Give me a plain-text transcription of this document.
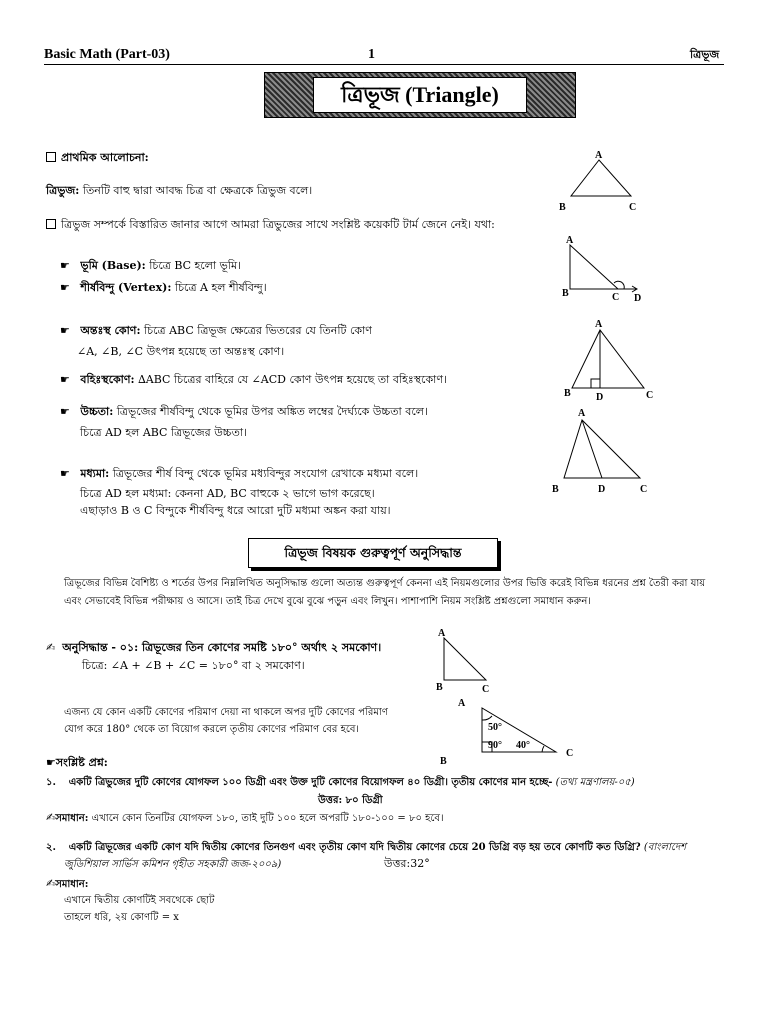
Basic Math (Part-03)	1	ত্রিভূজ
ত্রিভূজ (Triangle)
প্রাথমিক আলোচনা:
ত্রিভুজ: তিনটি বাহু দ্বারা আবদ্ধ চিত্র বা ক্ষেত্রকে ত্রিভুজ বলে।
ত্রিভুজ সম্পর্কে বিস্তারিত জানার আগে আমরা ত্রিভুজের সাথে সংশ্লিষ্ট কয়েকটি টার্ম জেনে নেই। যথা:
☛ ভূমি (Base): চিত্রে BC হলো ভূমি।
☛ শীর্ষবিন্দু (Vertex): চিত্রে A হল শীর্ষবিন্দু।
☛ অন্তঃস্থ কোণ: চিত্রে ABC ত্রিভূজ ক্ষেত্রের ভিতরের যে তিনটি কোণ
∠A, ∠B, ∠C উৎপন্ন হয়েছে তা অন্তঃস্থ কোণ।
☛ বহিঃস্থকোণ: ∆ABC চিত্রের বাহিরে যে ∠ACD কোণ উৎপন্ন হয়েছে তা বহিঃস্থকোণ।
☛ উচ্চতা: ত্রিভূজের শীর্ষবিন্দু থেকে ভূমির উপর অঙ্কিত লম্বের দৈর্ঘ্যকে উচ্চতা বলে।
চিত্রে AD হল ABC ত্রিভূজের উচ্চতা।
☛ মধ্যমা: ত্রিভূজের শীর্ষ বিন্দু থেকে ভূমির মধ্যবিন্দুর সংযোগ রেখাকে মধ্যমা বলে।
চিত্রে AD হল মধ্যমা: কেননা AD, BC বাহুকে ২ ভাগে ভাগ করেছে।
এছাড়াও B ও C বিন্দুকে শীর্ষবিন্দু ধরে আরো দুটি মধ্যমা অঙ্কন করা যায়।
A
B	C
A
B	C D
A
B	D	C
A
B	D	C
ত্রিভূজ বিষয়ক গুরুত্বপূর্ণ অনুসিদ্ধান্ত
ত্রিভূজের বিভিন্ন বৈশিষ্ট্য ও শর্তের উপর নিম্নলিখিত অনুসিদ্ধান্ত গুলো অত্যন্ত গুরুত্বপূর্ণ কেননা এই নিয়মগুলোর উপর ভিত্তি করেই বিভিন্ন ধরনের প্রশ্ন তৈরী করা যায়
এবং সেভাবেই বিভিন্ন পরীক্ষায় ও আসে। তাই চিত্র দেখে বুঝে বুঝে পড়ুন এবং লিখুন। পাশাপাশি নিয়ম সংশ্লিষ্ট প্রশ্নগুলো সমাধান করুন।
✍ অনুসিদ্ধান্ত - ০১: ত্রিভূজের তিন কোণের সমষ্টি ১৮০° অর্থাৎ ২ সমকোণ।
চিত্রে: ∠A + ∠B + ∠C = ১৮০° বা ২ সমকোণ।
এজন্য যে কোন একটি কোণের পরিমাণ দেয়া না থাকলে অপর দুটি কোণের পরিমাণ
যোগ করে 180° থেকে তা বিয়োগ করলে তৃতীয় কোণের পরিমাণ বের হবে।
A
B	C
A
B
C
50°
90° 40°
☛সংশ্লিষ্ট প্রশ্ন:
১. একটি ত্রিভুজের দুটি কোণের যোগফল ১০০ ডিগ্রী এবং উক্ত দুটি কোণের বিয়োগফল ৪০ ডিগ্রী। তৃতীয় কোণের মান হচ্ছে- (তথ্য মন্ত্রণালয়-০৫)
উত্তর: ৮০ ডিগ্রী
✍সমাধান: এখানে কোন তিনটির যোগফল ১৮০, তাই দুটি ১০০ হলে অপরটি ১৮০-১০০ = ৮০ হবে।
২. একটি ত্রিভূজের একটি কোণ যদি দ্বিতীয় কোণের তিনগুণ এবং তৃতীয় কোণ যদি দ্বিতীয় কোণের চেয়ে 20 ডিগ্রি বড় হয় তবে কোণটি কত ডিগ্রি? (বাংলাদেশ
জুডিশিয়াল সার্ভিস কমিশন গৃহীত সহকারী জজ-২০০৯)	উত্তর:32°
✍সমাধান:
এখানে দ্বিতীয় কোণটিই সবথেকে ছোট
তাহলে ধরি, ২য় কোণটি = x
